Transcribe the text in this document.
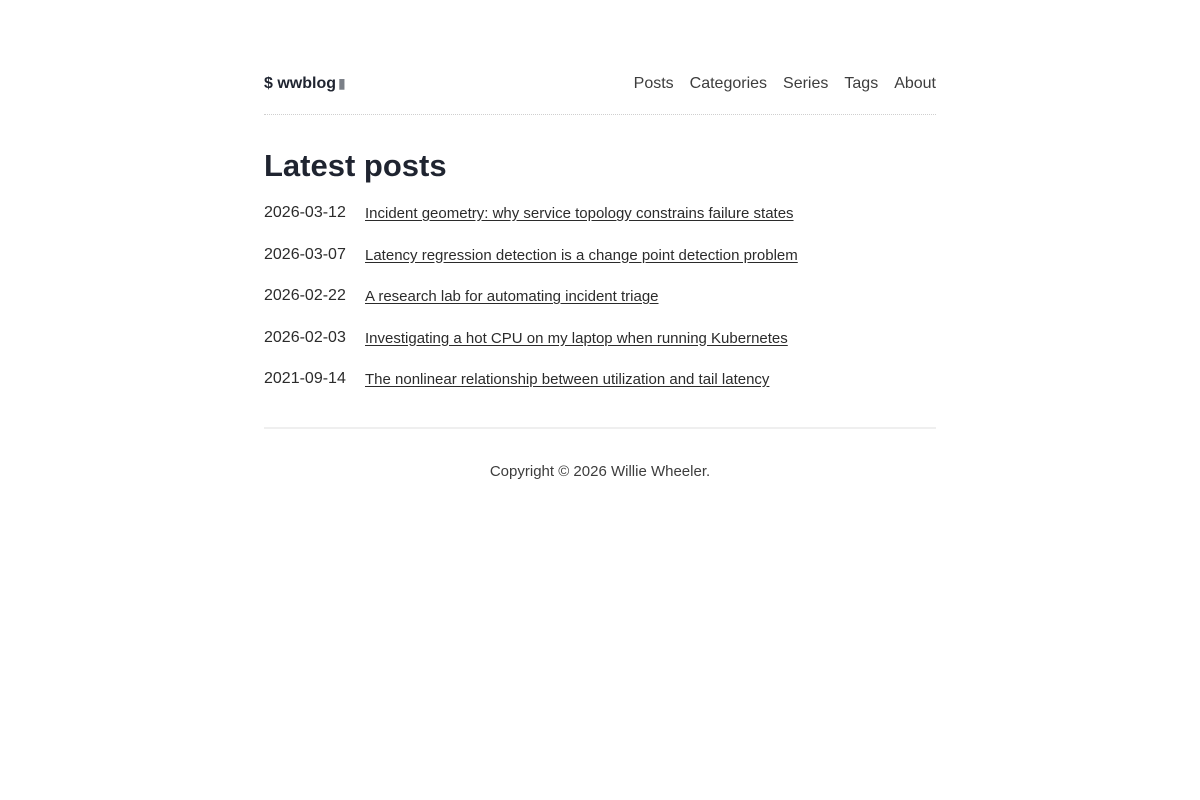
$ wwblog ▮	Posts Categories Series Tags About
Latest posts
2026-03-12	Incident geometry: why service topology constrains failure states
2026-03-07	Latency regression detection is a change point detection problem
2026-02-22	A research lab for automating incident triage
2026-02-03	Investigating a hot CPU on my laptop when running Kubernetes
2021-09-14	The nonlinear relationship between utilization and tail latency
Copyright © 2026 Willie Wheeler.
